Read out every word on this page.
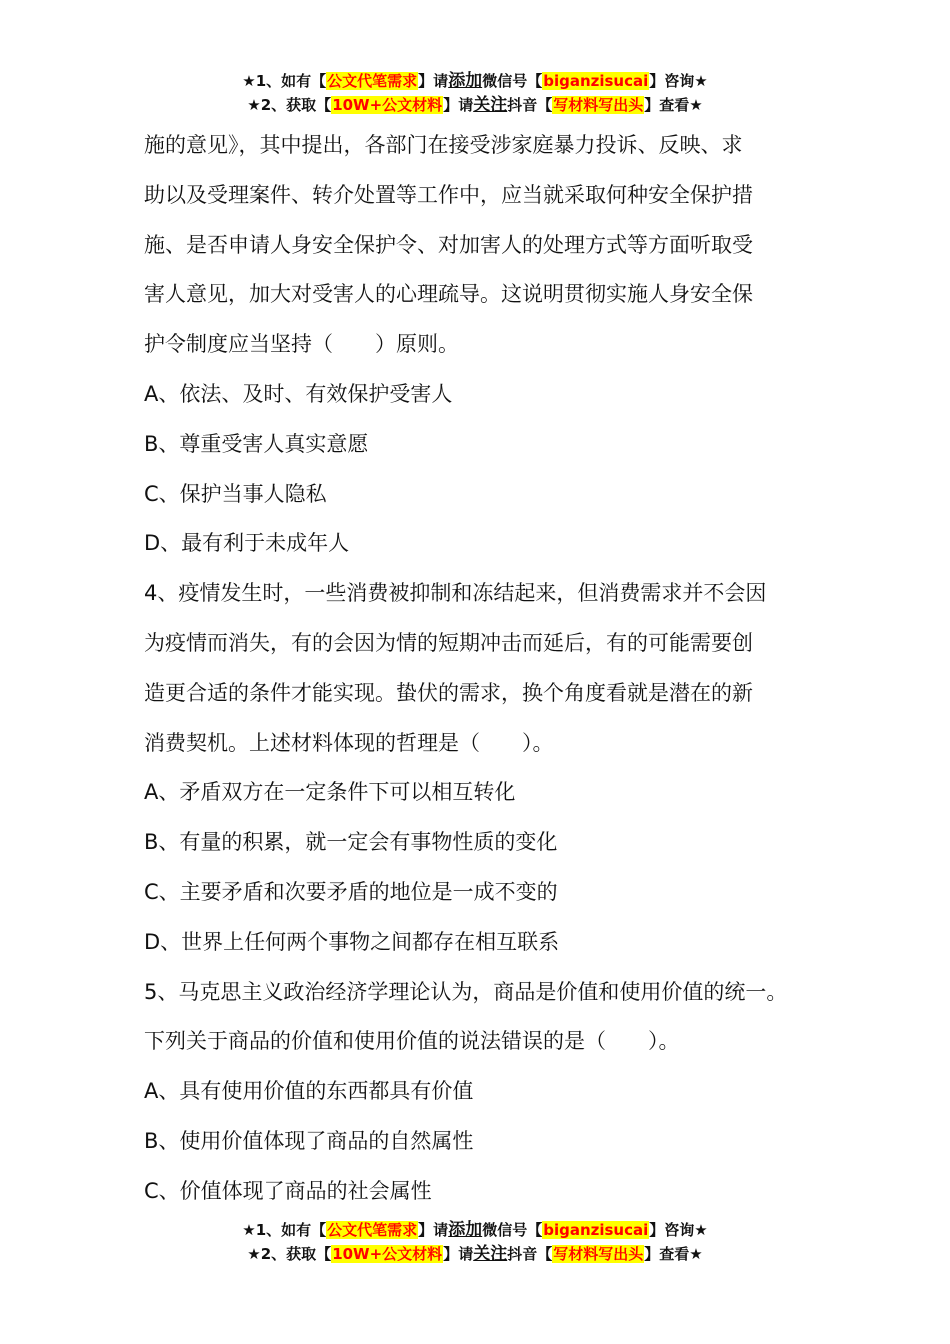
★1、如有【公文代笔需求】请添加微信号【biganzisucai】咨询★
★2、获取【10W+公文材料】请关注抖音【写材料写出头】查看★
施的意见》，其中提出，各部门在接受涉家庭暴力投诉、反映、求
助以及受理案件、转介处置等工作中，应当就采取何种安全保护措
施、是否申请人身安全保护令、对加害人的处理方式等方面听取受
害人意见，加大对受害人的心理疏导。这说明贯彻实施人身安全保
护令制度应当坚持（　　）原则。
A、依法、及时、有效保护受害人
B、尊重受害人真实意愿
C、保护当事人隐私
D、最有利于未成年人
4、疫情发生时，一些消费被抑制和冻结起来，但消费需求并不会因
为疫情而消失，有的会因为情的短期冲击而延后，有的可能需要创
造更合适的条件才能实现。蛰伏的需求，换个角度看就是潜在的新
消费契机。上述材料体现的哲理是（　　）。
A、矛盾双方在一定条件下可以相互转化
B、有量的积累，就一定会有事物性质的变化
C、主要矛盾和次要矛盾的地位是一成不变的
D、世界上任何两个事物之间都存在相互联系
5、马克思主义政治经济学理论认为，商品是价值和使用价值的统一。
下列关于商品的价值和使用价值的说法错误的是（　　）。
A、具有使用价值的东西都具有价值
B、使用价值体现了商品的自然属性
C、价值体现了商品的社会属性
★1、如有【公文代笔需求】请添加微信号【biganzisucai】咨询★
★2、获取【10W+公文材料】请关注抖音【写材料写出头】查看★
